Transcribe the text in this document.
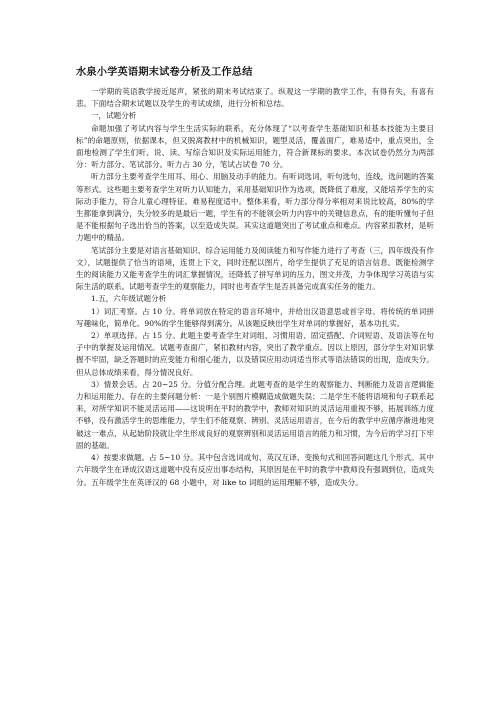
水泉小学英语期末试卷分析及工作总结

一学期的英语教学接近尾声，紧张的期末考试结束了。纵观这一学期的教学工作，有得有失，有喜有悲。下面结合期末试题以及学生的考试成绩，进行分析和总结。

一，试题分析

命题加强了考试内容与学生生活实际的联系，充分体现了“以考查学生基础知识和基本技能为主要目标”的命题原则，依据课本，但又脱离教材中的机械知识，题型灵活，覆盖面广，难易适中，重点突出，全面地检测了学生们听、说、读、写综合知识及实际运用能力，符合新课标的要求。本次试卷仍然分为两部分：听力部分、笔试部分。听力占 30 分，笔试占试卷 70 分。

听力部分主要考查学生用耳、用心、用脑及动手的能力。有听词选词，听句选句，连线，选问题的答案等形式。这些题主要考查学生对听力认知能力，采用基础知识作为选项，既降低了难度，又能培养学生的实际动手能力，符合儿童心理特征。难易程度适中。整体来看，听力部分得分率相对来说比较高，80%的学生都能拿到满分，失分较多的是最后一题，学生有的不能领会听力内容中的关键信息点，有的能听懂句子但是不能根据句子选出恰当的答案，以至造成失误。其实这道题突出了考试重点和难点。内容紧扣教材，是听力题中的精品。

笔试部分主要是对语言基础知识、综合运用能力及阅读能力和写作能力进行了考查（三，四年级没有作文），试题提供了恰当的语境，连贯上下文，同时还配以图片，给学生提供了充足的语言信息。既能检测学生的阅读能力又能考查学生的词汇掌握情况，还降低了拼写单词的压力，图文并茂，力争体现学习英语与实际生活的联系。试题考查学生的观察能力，同时也考查学生是否具备完成真实任务的能力。

1.五，六年级试题分析

1）词汇考察。占 10 分。将单词放在特定的语言环境中，并给出汉语意思或首字母。将传统的单词拼写趣味化，简单化。90%的学生能够得到满分。从该题反映出学生对单词的掌握好，基本功扎实。

2）单项选择。占 15 分。此题主要考查学生对词组、习惯用语、固定搭配、介词短语、及语法等在句子中的掌握及运用情况。试题考查面广，紧扣教材内容，突出了教学重点。因以上原因，部分学生对知识掌握不牢固，缺乏答题时的应变能力和细心能力，以及错误应用动词适当形式等语法错误的出现，造成失分。但从总体成绩来看，得分情况良好。

3）情景会话。占 20~25 分。分值分配合理。此题考查的是学生的观察能力、判断能力及语言逻辑能力和运用能力。存在的主要问题分析：一是个别图片模糊造成做题失误；二是学生不能将语境和句子联系起来，对所学知识不能灵活运用——这说明在平时的教学中，教师对知识的灵活运用重视不够，拓展训练力度不够，没有激活学生的思维能力，学生们不能观察、辨别、灵活运用语言，在今后的教学中应循序渐进地突破这一难点，从起始阶段就让学生形成良好的观察辨别和灵活运用语言的能力和习惯，为今后的学习打下牢固的基础。

4）按要求做题。占 5~10 分。其中包含选词成句、英汉互译、变换句式和回答问题这几个形式。其中六年级学生在译成汉语这道题中没有反应出事态结构，其原因是在平时的教学中教师没有强调到位，造成失分。五年级学生在英译汉的 68 小题中，对 like to 词组的运用理解不够，造成失分。
